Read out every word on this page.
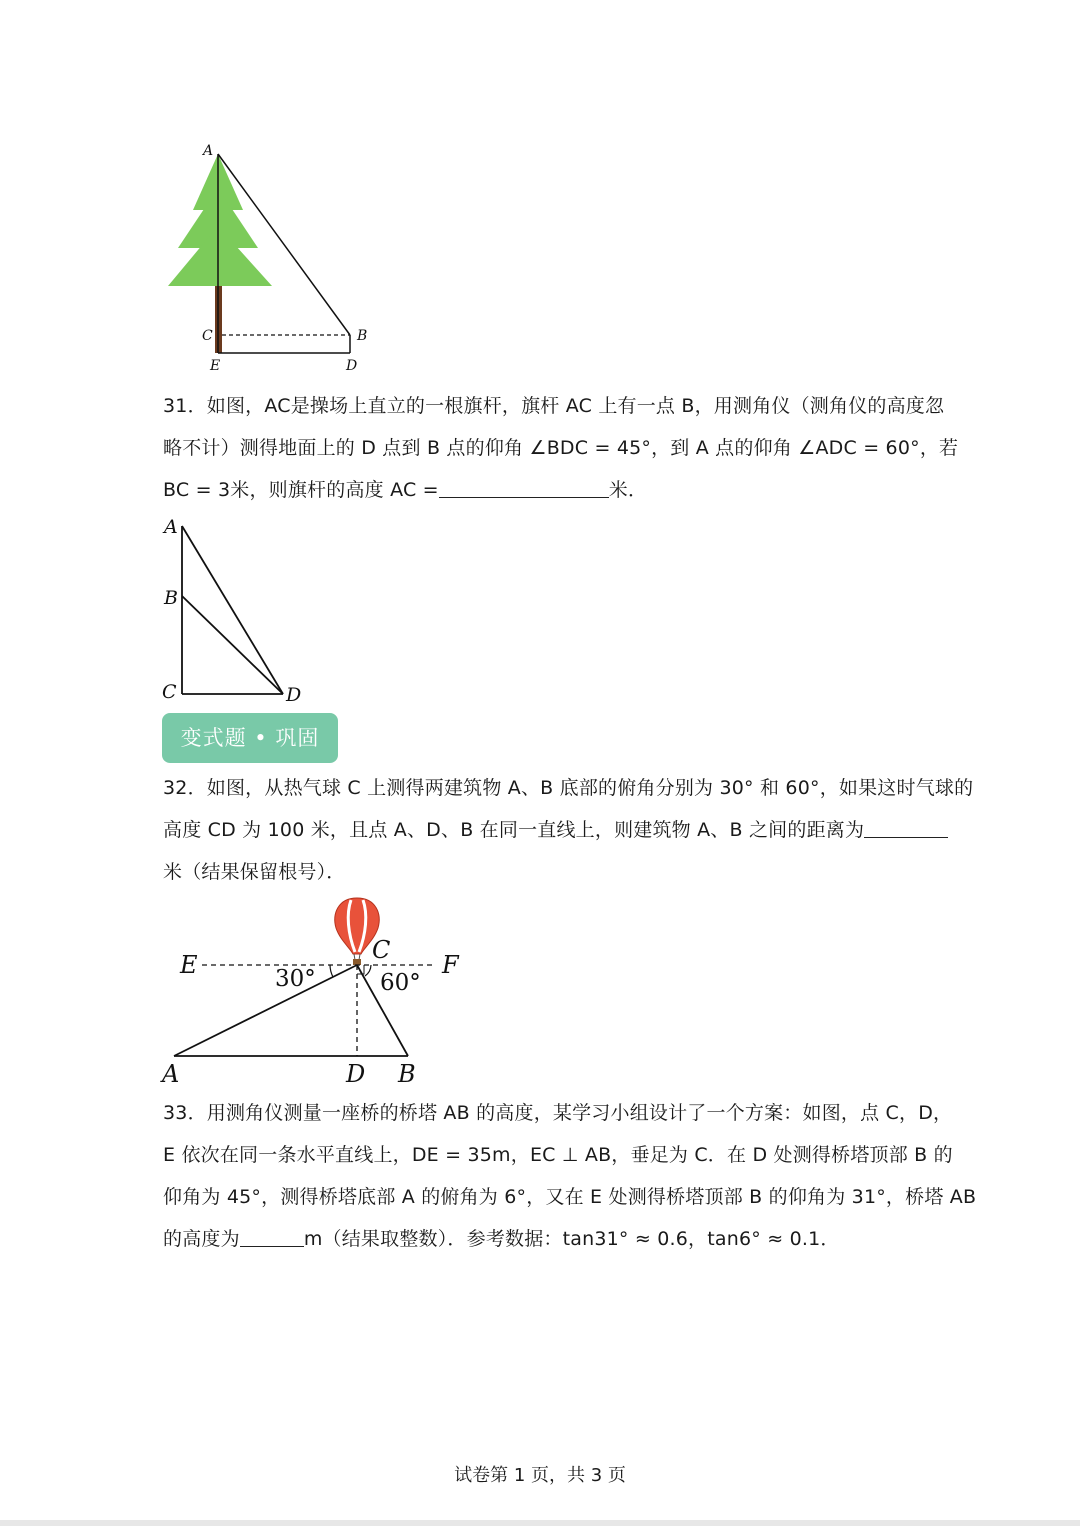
A
C	B
E	D
31．如图，AC是操场上直立的一根旗杆，旗杆 AC 上有一点 B，用测角仪（测角仪的高度忽
略不计）测得地面上的 D 点到 B 点的仰角 ∠BDC = 45°，到 A 点的仰角 ∠ADC = 60°，若
BC = 3米，则旗杆的高度 AC =	米．
A
B
C	D
变式题 • 巩固
32．如图，从热气球 C 上测得两建筑物 A、B 底部的俯角分别为 30° 和 60°，如果这时气球的
高度 CD 为 100 米，且点 A、D、B 在同一直线上，则建筑物 A、B 之间的距离为
米（结果保留根号）．
E
C
F
30°	60°
A	D B
33．用测角仪测量一座桥的桥塔 AB 的高度，某学习小组设计了一个方案：如图，点 C，D，
E 依次在同一条水平直线上，DE = 35m，EC ⊥ AB，垂足为 C．在 D 处测得桥塔顶部 B 的
仰角为 45°，测得桥塔底部 A 的俯角为 6°，又在 E 处测得桥塔顶部 B 的仰角为 31°，桥塔 AB
的高度为	m（结果取整数）．参考数据：tan31° ≈ 0.6，tan6° ≈ 0.1．
试卷第 1 页，共 3 页
